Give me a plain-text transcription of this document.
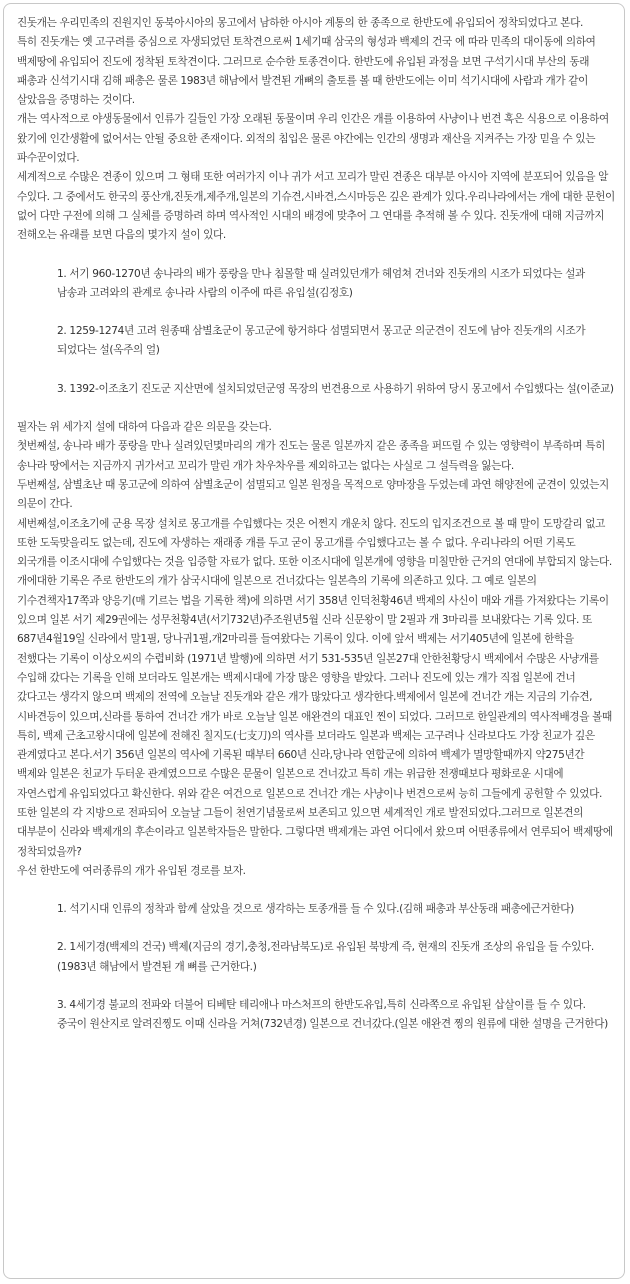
진돗개는 우리민족의 진원지인 동북아시아의 몽고에서 남하한 아시아 계통의 한 종족으로 한반도에 유입되어 정착되었다고 본다.

특히 진돗개는 옛 고구려를 중심으로 자생되었던 토착견으로써 1세기때 삼국의 형성과 백제의 건국 에 따라 민족의 대이동에 의하여 백제땅에 유입되어 진도에 정착된 토착견이다. 그러므로 순수한 토종견이다. 한반도에 유입된 과정을 보면 구석기시대 부산의 동래 패총과 신석기시대 김해 패총은 물론 1983년 해남에서 발견된 개뼈의 출토를 볼 때 한반도에는 이미 석기시대에 사람과 개가 같이 살았음을 증명하는 것이다.

개는 역사적으로 야생동물에서 인류가 길들인 가장 오래된 동물이며 우리 인간은 개를 이용하여 사냥이나 번견 혹은 식용으로 이용하여 왔기에 인간생활에 없어서는 안될 중요한 존재이다. 외적의 침입은 물론 야간에는 인간의 생명과 재산을 지켜주는 가장 믿을 수 있는 파수꾼이었다.

세계적으로 수많은 견종이 있으며 그 형태 또한 여러가지 이나 귀가 서고 꼬리가 말린 견종은 대부분 아시아 지역에 분포되어 있음을 알 수있다. 그 중에서도 한국의 풍산개,진돗개,제주개,일본의 기슈견,시바견,스시마등은 깊은 관계가 있다.우리나라에서는 개에 대한 문헌이 없어 다만 구전에 의해 그 실체를 증명하려 하며 역사적인 시대의 배경에 맞추어 그 연대를 추적해 볼 수 있다. 진돗개에 대해 지금까지 전해오는 유래를 보면 다음의 몇가지 설이 있다.

1. 서기 960-1270년 송나라의 배가 풍랑을 만나 침몰할 때 실려있던개가 헤엄쳐 건너와 진돗개의 시조가 되었다는 설과 남송과 고려와의 관계로 송나라 사람의 이주에 따른 유입설(김정호)

2. 1259-1274년 고려 원종때 삼별초군이 몽고군에 항거하다 섬멸되면서 몽고군 의군견이 진도에 남아 진돗개의 시조가 되었다는 설(옥주의 얼)

3. 1392-이조초기 진도군 지산면에 설치되었던군영 목장의 번견용으로 사용하기 위하여 당시 몽고에서 수입했다는 설(이준교)

필자는 위 세가지 설에 대하여 다음과 같은 의문을 갖는다.

첫번째설, 송나라 배가 풍랑을 만나 실려있던몇마리의 개가 진도는 물론 일본까지 같은 종족을 퍼뜨릴 수 있는 영향력이 부족하며 특히 송나라 땅에서는 지금까지 귀가서고 꼬리가 말린 개가 차우차우를 제외하고는 없다는 사실로 그 설득력을 잃는다.

두번째설, 삼별초난 때 몽고군에 의하여 삼별초군이 섬멸되고 일본 원정을 목적으로 양마장을 두었는데 과연 해양전에 군견이 있었는지 의문이 간다.

세번째설,이조초기에 군용 목장 설치로 몽고개를 수입했다는 것은 어쩐지 개운치 않다. 진도의 입지조건으로 볼 때 말이 도망갈리 없고 또한 도둑맞을리도 없는데, 진도에 자생하는 재래종 개를 두고 굳이 몽고개를 수입했다고는 볼 수 없다. 우리나라의 어떤 기록도 외국개를 이조시대에 수입했다는 것을 입증할 자료가 없다. 또한 이조시대에 일본개에 영향을 미칠만한 근거의 연대에 부합되지 않는다.

개에대한 기록은 주로 한반도의 개가 삼국시대에 일본으로 건너갔다는 일본측의 기록에 의존하고 있다. 그 예로 일본의 기수견책자17쪽과 양응기(매 기르는 법을 기록한 책)에 의하면 서기 358년 인덕천황46년 백제의 사신이 매와 개를 가져왔다는 기록이 있으며 일본 서기 제29권에는 성무천황4년(서기732년)주조원년5월 신라 신문왕이 말 2필과 개 3마리를 보내왔다는 기록 있다. 또 687년4월19일 신라에서 말1필, 당나귀1필,개2마리를 들여왔다는 기록이 있다. 이에 앞서 백제는 서기405년에 일본에 한학을 전했다는 기록이 이상오씨의 수렵비화 (1971년 발행)에 의하면 서기 531-535년 일본27대 안한천황당시 백제에서 수많은 사냥개를 수입해 갔다는 기록을 인해 보더라도 일본개는 백제시대에 가장 많은 영향을 받았다. 그러나 진도에 있는 개가 직접 일본에 건너 갔다고는 생각지 않으며 백제의 전역에 오늘날 진돗개와 같은 개가 많았다고 생각한다.백제에서 일본에 건너간 개는 지금의 기슈견,시바견등이 있으며,신라를 통하여 건너간 개가 바로 오늘날 일본 애완견의 대표인 찐이 되었다. 그러므로 한일관계의 역사적배경을 볼때 특히, 백제 근초고왕시대에 일본에 전해진 칠지도(七支刀)의 역사를 보더라도 일본과 백제는 고구려나 신라보다도 가장 친교가 깊은 관계였다고 본다.서기 356년 일본의 역사에 기록된 때부터 660년 신라,당나라 연합군에 의하여 백제가 멸망할때까지 약275년간 백제와 일본은 친교가 두터운 관계였으므로 수많은 문물이 일본으로 건너갔고 특히 개는 위급한 전쟁때보다 평화로운 시대에 자연스럽게 유입되었다고 확신한다. 위와 같은 여건으로 일본으로 건너간 개는 사냥이나 번견으로써 능히 그들에게 공헌할 수 있었다.또한 일본의 각 지방으로 전파되어 오늘날 그들이 천연기념물로써 보존되고 있으면 세계적인 개로 발전되었다.그러므로 일본견의 대부분이 신라와 백제개의 후손이라고 일본학자들은 말한다. 그렇다면 백제개는 과연 어디에서 왔으며 어떤종류에서 연루되어 백제땅에 정착되었을까?

우선 한반도에 여러종류의 개가 유입된 경로를 보자.

1. 석기시대 인류의 정착과 함께 살았을 것으로 생각하는 토종개를 들 수 있다.(김해 패총과 부산동래 패총에근거한다)

2. 1세기경(백제의 건국) 백제(지금의 경기,충청,전라남북도)로 유입된 북방계 즉, 현재의 진돗개 조상의 유입을 들 수있다.(1983년 해남에서 발견된 개 뼈를 근거한다.)

3. 4세기경 불교의 전파와 더불어 티베탄 테리애나 마스처프의 한반도유입,특히 신라쪽으로 유입된 삽살이를 들 수 있다.중국이 원산지로 알려진찡도 이때 신라을 거쳐(732년경) 일본으로 건너갔다.(일본 애완견 찡의 원류에 대한 설명을 근거한다)
